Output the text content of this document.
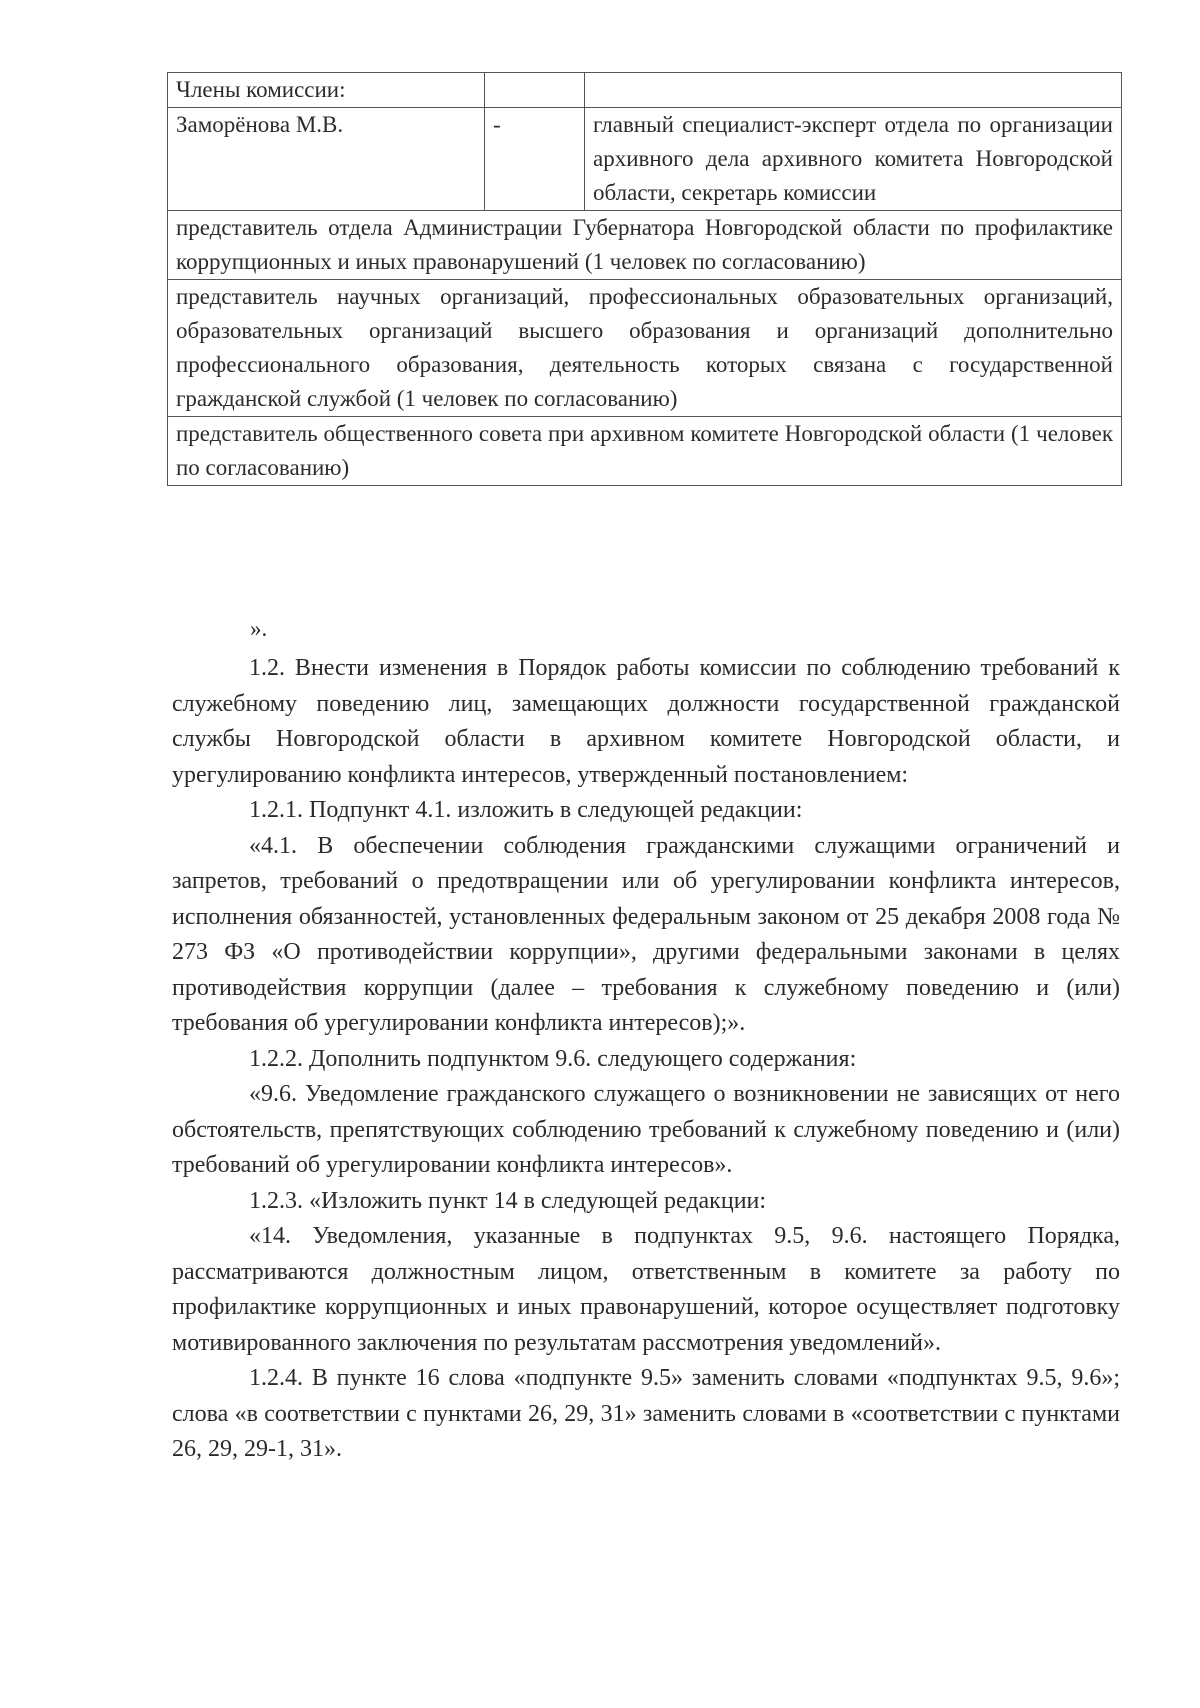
Члены комиссии:		
Заморёнова М.В.	-	главный специалист-эксперт отдела по организации архивного дела архивного комитета Новгородской области, секретарь комиссии
представитель отдела Администрации Губернатора Новгородской области по профилактике коррупционных и иных правонарушений (1 человек по согласованию)		
представитель научных организаций, профессиональных образовательных организаций, образовательных организаций высшего образования и организаций дополнительно профессионального образования, деятельность которых связана с государственной гражданской службой (1 человек по согласованию)		
представитель общественного совета при архивном комитете Новгородской области (1 человек по согласованию)		
».

1.2. Внести изменения в Порядок работы комиссии по соблюдению требований к служебному поведению лиц, замещающих должности государственной гражданской службы Новгородской области в архивном комитете Новгородской области, и урегулированию конфликта интересов, утвержденный постановлением:

1.2.1. Подпункт 4.1. изложить в следующей редакции:

«4.1. В обеспечении соблюдения гражданскими служащими ограничений и запретов, требований о предотвращении или об урегулировании конфликта интересов, исполнения обязанностей, установленных федеральным законом от 25 декабря 2008 года № 273 ФЗ «О противодействии коррупции», другими федеральными законами в целях противодействия коррупции (далее – требования к служебному поведению и (или) требования об урегулировании конфликта интересов);».

1.2.2. Дополнить подпунктом 9.6. следующего содержания:

«9.6. Уведомление гражданского служащего о возникновении не зависящих от него обстоятельств, препятствующих соблюдению требований к служебному поведению и (или) требований об урегулировании конфликта интересов».

1.2.3. «Изложить пункт 14 в следующей редакции:

«14. Уведомления, указанные в подпунктах 9.5, 9.6. настоящего Порядка, рассматриваются должностным лицом, ответственным в комитете за работу по профилактике коррупционных и иных правонарушений, которое осуществляет подготовку мотивированного заключения по результатам рассмотрения уведомлений».

1.2.4. В пункте 16 слова «подпункте 9.5» заменить словами «подпунктах 9.5, 9.6»; слова «в соответствии с пунктами 26, 29, 31» заменить словами в «соответствии с пунктами 26, 29, 29-1, 31».
